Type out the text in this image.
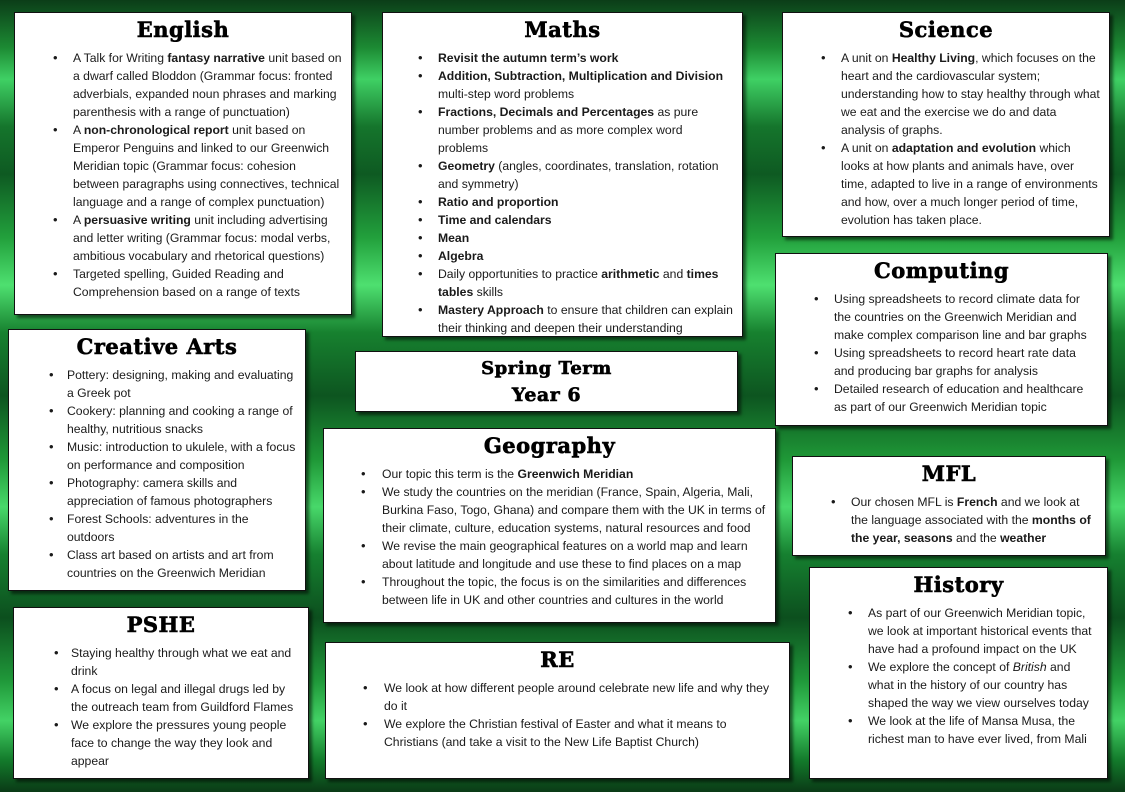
English
• A Talk for Writing fantasy narrative unit based on a dwarf called Bloddon (Grammar focus: fronted adverbials, expanded noun phrases and marking parenthesis with a range of punctuation)
• A non-chronological report unit based on Emperor Penguins and linked to our Greenwich Meridian topic (Grammar focus: cohesion between paragraphs using connectives, technical language and a range of complex punctuation)
• A persuasive writing unit including advertising and letter writing (Grammar focus: modal verbs, ambitious vocabulary and rhetorical questions)
• Targeted spelling, Guided Reading and Comprehension based on a range of texts
Maths
• Revisit the autumn term’s work
• Addition, Subtraction, Multiplication and Division multi-step word problems
• Fractions, Decimals and Percentages as pure number problems and as more complex word problems
• Geometry (angles, coordinates, translation, rotation and symmetry)
• Ratio and proportion
• Time and calendars
• Mean
• Algebra
• Daily opportunities to practice arithmetic and times tables skills
• Mastery Approach to ensure that children can explain their thinking and deepen their understanding
Science
• A unit on Healthy Living, which focuses on the heart and the cardiovascular system; understanding how to stay healthy through what we eat and the exercise we do and data analysis of graphs.
• A unit on adaptation and evolution which looks at how plants and animals have, over time, adapted to live in a range of environments and how, over a much longer period of time, evolution has taken place.
Creative Arts
• Pottery: designing, making and evaluating a Greek pot
• Cookery: planning and cooking a range of healthy, nutritious snacks
• Music: introduction to ukulele, with a focus on performance and composition
• Photography: camera skills and appreciation of famous photographers
• Forest Schools: adventures in the outdoors
• Class art based on artists and art from countries on the Greenwich Meridian
Spring Term
Year 6
Computing
• Using spreadsheets to record climate data for the countries on the Greenwich Meridian and make complex comparison line and bar graphs
• Using spreadsheets to record heart rate data and producing bar graphs for analysis
• Detailed research of education and healthcare as part of our Greenwich Meridian topic
Geography
• Our topic this term is the Greenwich Meridian
• We study the countries on the meridian (France, Spain, Algeria, Mali, Burkina Faso, Togo, Ghana) and compare them with the UK in terms of their climate, culture, education systems, natural resources and food
• We revise the main geographical features on a world map and learn about latitude and longitude and use these to find places on a map
• Throughout the topic, the focus is on the similarities and differences between life in UK and other countries and cultures in the world
MFL
• Our chosen MFL is French and we look at the language associated with the months of the year, seasons and the weather
History
• As part of our Greenwich Meridian topic, we look at important historical events that have had a profound impact on the UK
• We explore the concept of British and what in the history of our country has shaped the way we view ourselves today
• We look at the life of Mansa Musa, the richest man to have ever lived, from Mali
PSHE
• Staying healthy through what we eat and drink
• A focus on legal and illegal drugs led by the outreach team from Guildford Flames
• We explore the pressures young people face to change the way they look and appear
RE
• We look at how different people around celebrate new life and why they do it
• We explore the Christian festival of Easter and what it means to Christians (and take a visit to the New Life Baptist Church)
